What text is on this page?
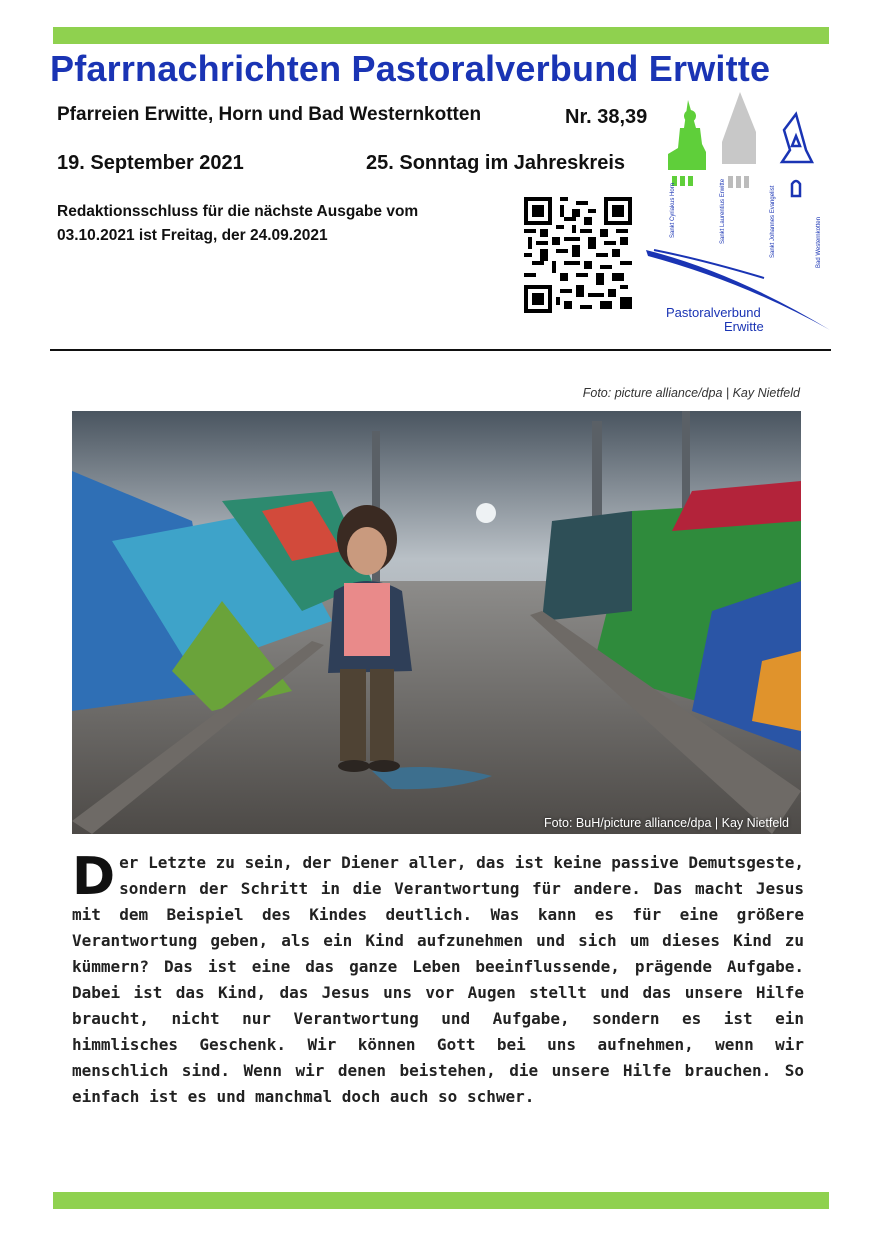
Pfarrnachrichten Pastoralverbund Erwitte
Pfarreien Erwitte, Horn und Bad Westernkotten	Nr. 38,39
19. September 2021	25. Sonntag im Jahreskreis
Redaktionsschluss für die nächste Ausgabe vom
03.10.2021 ist Freitag, der 24.09.2021	Sankt Cyriakus Horn	Sankt Laurentius Erwitte	Sankt Johannes Evangelist	Bad Westernkotten
Pastoralverbund
Erwitte
Foto: picture alliance/dpa | Kay Nietfeld
Foto: BuH/picture alliance/dpa | Kay Nietfeld
Der Letzte zu sein, der Diener aller, das ist keine passive Demutsgeste, sondern der Schritt in die Verantwortung für andere. Das macht Jesus mit dem Beispiel des Kindes deutlich. Was kann es für eine größere Verantwortung geben, als ein Kind aufzunehmen und sich um dieses Kind zu kümmern? Das ist eine das ganze Leben beeinflussende, prägende Aufgabe. Dabei ist das Kind, das Jesus uns vor Augen stellt und das unsere Hilfe braucht, nicht nur Verantwortung und Aufgabe, sondern es ist ein himmlisches Geschenk. Wir können Gott bei uns aufnehmen, wenn wir menschlich sind. Wenn wir denen beistehen, die unsere Hilfe brauchen. So einfach ist es und manchmal doch auch so schwer.
